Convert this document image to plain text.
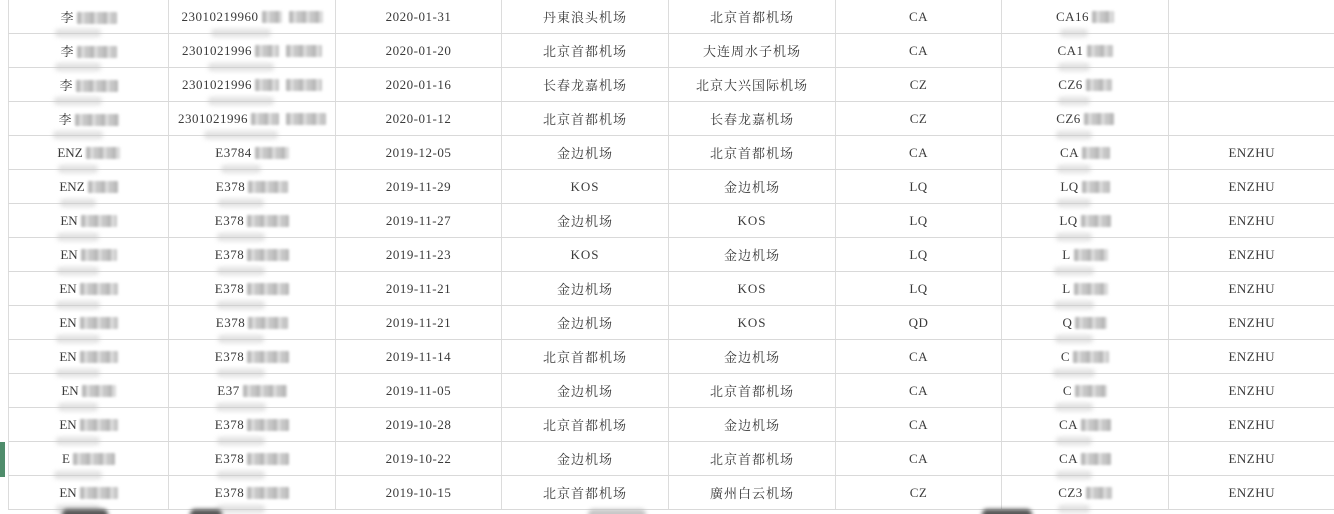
李	23010219960	2020-01-31	丹東浪头机场	北京首都机场	CA	CA16

李	2301021996	2020-01-20	北京首都机场	大连周水子机场	CA	CA1

李	2301021996	2020-01-16	长春龙嘉机场	北京大兴国际机场	CZ	CZ6

李	2301021996	2020-01-12	北京首都机场	长春龙嘉机场	CZ	CZ6

ENZ	E3784	2019-12-05	金边机场	北京首都机场	CA	CA	ENZHU
ENZ	E378	2019-11-29	KOS	金边机场	LQ	LQ	ENZHU
EN	E378	2019-11-27	金边机场	KOS	LQ	LQ	ENZHU
EN	E378	2019-11-23	KOS	金边机场	LQ	L	ENZHU
EN	E378	2019-11-21	金边机场	KOS	LQ	L	ENZHU
EN	E378	2019-11-21	金边机场	KOS	QD	Q	ENZHU
EN	E378	2019-11-14	北京首都机场	金边机场	CA	C	ENZHU
EN	E37	2019-11-05	金边机场	北京首都机场	CA	C	ENZHU
EN	E378	2019-10-28	北京首都机场	金边机场	CA	CA	ENZHU
E	E378	2019-10-22	金边机场	北京首都机场	CA	CA	ENZHU
EN	E378	2019-10-15	北京首都机场	廣州白云机场	CZ	CZ3	ENZHU
